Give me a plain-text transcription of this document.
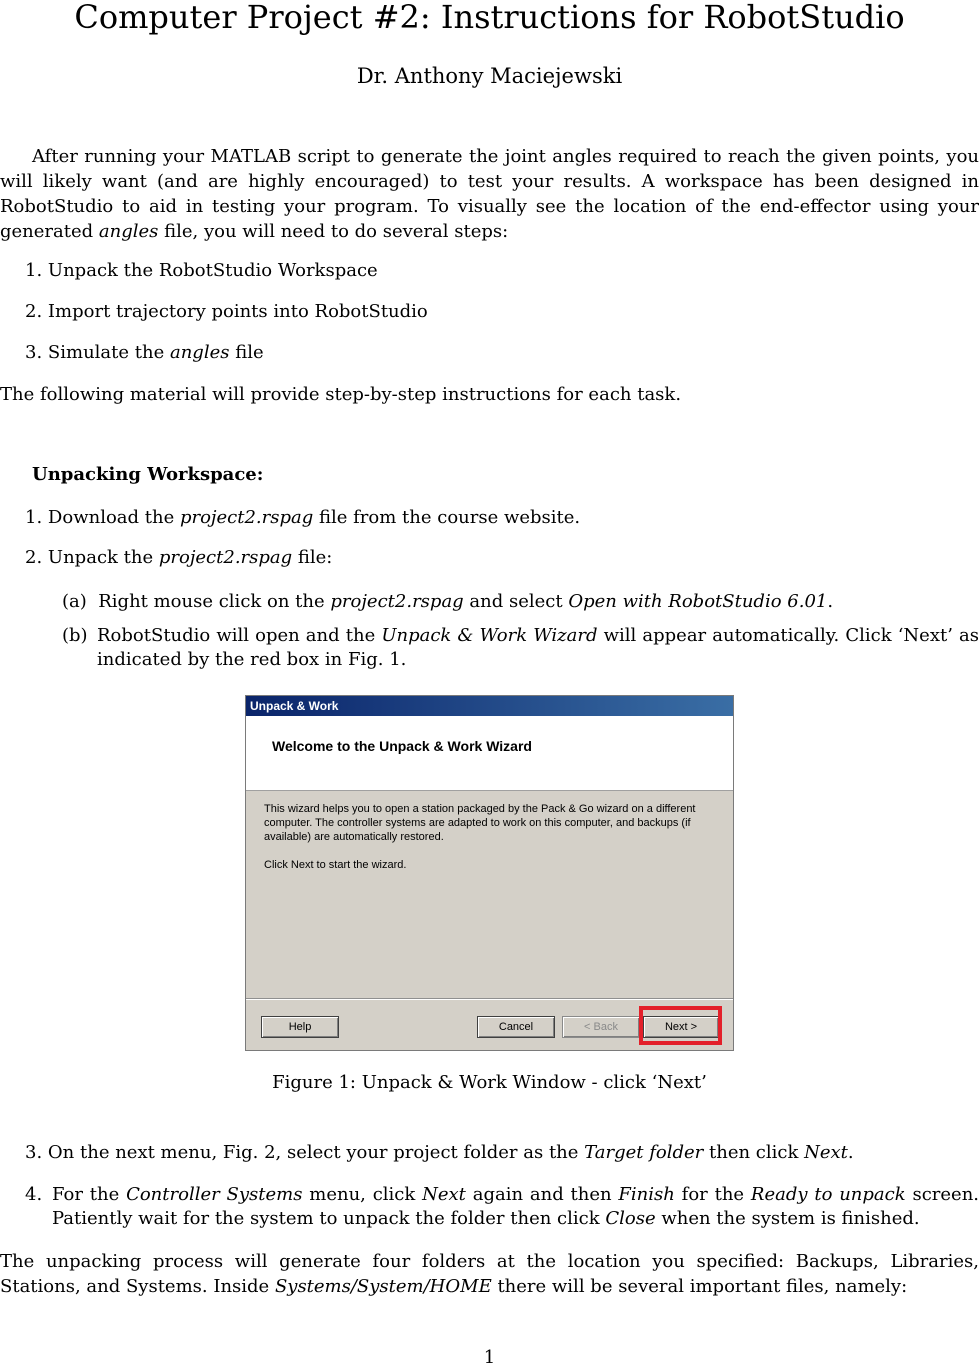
Computer Project #2: Instructions for RobotStudio
Dr. Anthony Maciejewski
After running your MATLAB script to generate the joint angles required to reach the given points, you will likely want (and are highly encouraged) to test your results. A workspace has been designed in RobotStudio to aid in testing your program. To visually see the location of the end-effector using your generated angles file, you will need to do several steps:
1. Unpack the RobotStudio Workspace
2. Import trajectory points into RobotStudio
3. Simulate the angles file
The following material will provide step-by-step instructions for each task.
Unpacking Workspace:
1. Download the project2.rspag file from the course website.
2. Unpack the project2.rspag file:
(a) Right mouse click on the project2.rspag and select Open with RobotStudio 6.01.
(b) RobotStudio will open and the Unpack & Work Wizard will appear automatically. Click ‘Next’ as indicated by the red box in Fig. 1.
Unpack & Work
Welcome to the Unpack & Work Wizard

This wizard helps you to open a station packaged by the Pack & Go wizard on a different computer. The controller systems are adapted to work on this computer, and backups (if available) are automatically restored.

Click Next to start the wizard.

Help	Cancel	< Back	Next >
Figure 1: Unpack & Work Window - click ‘Next’
3. On the next menu, Fig. 2, select your project folder as the Target folder then click Next.
4. For the Controller Systems menu, click Next again and then Finish for the Ready to unpack screen. Patiently wait for the system to unpack the folder then click Close when the system is finished.
The unpacking process will generate four folders at the location you specified: Backups, Libraries, Stations, and Systems. Inside Systems/System/HOME there will be several important files, namely:
1
